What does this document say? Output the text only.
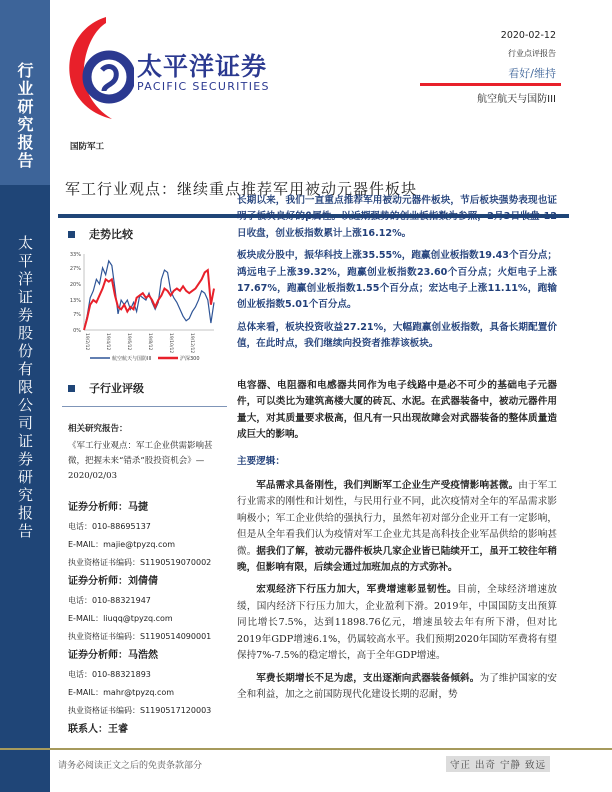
行业研究报告
太平洋证券股份有限公司证券研究报告
太平洋证券
PACIFIC SECURITIES
2020-02-12
行业点评报告
看好/维持
航空航天与国防III
国防军工
军工行业观点：继续重点推荐军用被动元器件板块

长期以来，我们一直重点推荐军用被动元器件板块，节后板块强势表现也证明了板块良好的β属性。以近期强势的创业板指数为参照，2月3日收盘-12日收盘，创业板指数累计上涨16.12%。

板块成分股中，振华科技上涨35.55%，跑赢创业板指数19.43个百分点；鸿远电子上涨39.32%，跑赢创业板指数23.60个百分点；火炬电子上涨17.67%，跑赢创业板指数1.55个百分点；宏达电子上涨11.11%，跑输创业板指数5.01个百分点。

总体来看，板块投资收益27.21%，大幅跑赢创业板指数，具备长期配置价值，在此时点，我们继续向投资者推荐该板块。

电容器、电阻器和电感器共同作为电子线路中是必不可少的基础电子元器件，可以类比为建筑高楼大厦的砖瓦、水泥。在武器装备中，被动元器件用量大，对其质量要求极高，但凡有一只出现故障会对武器装备的整体质量造成巨大的影响。

主要逻辑：

军品需求具备刚性，我们判断军工企业生产受疫情影响甚微。由于军工行业需求的刚性和计划性，与民用行业不同，此次疫情对全年的军品需求影响极小；军工企业供给的强执行力，虽然年初对部分企业开工有一定影响，但是从全年看我们认为疫情对军工企业尤其是高科技企业军品供给的影响甚微。据我们了解，被动元器件板块几家企业皆已陆续开工，虽开工较往年稍晚，但影响有限，后续会通过加班加点的方式弥补。

宏观经济下行压力加大，军费增速彰显韧性。目前，全球经济增速放缓，国内经济下行压力加大，企业盈利下滑。2019年，中国国防支出预算同比增长7.5%，达到11898.76亿元，增速虽较去年有所下滑，但对比2019年GDP增速6.1%，仍属较高水平。我们预期2020年国防军费将有望保持7%-7.5%的稳定增长，高于全年GDP增速。

军费长期增长不足为虑，支出逐渐向武器装备倾斜。为了维护国家的安全和利益，加之之前国防现代化建设长期的忍耐，势

走势比较
33%
27%
20%
13%
7%
0%
19/2/12	19/4/12	19/6/12	19/8/12	19/10/12	19/12/12
航空航天与国防III	沪深300
子行业评级
相关研究报告：
《军工行业观点：军工企业供需影响甚微，把握未来“错杀”股投资机会》—2020/02/03
证券分析师：马捷
电话：010-88695137
E-MAIL：majie@tpyzq.com
执业资格证书编码：S1190519070002
证券分析师：刘倩倩
电话：010-88321947
E-MAIL：liuqq@tpyzq.com
执业资格证书编码：S1190514090001
证券分析师：马浩然
电话：010-88321893
E-MAIL：mahr@tpyzq.com
执业资格证书编码：S1190517120003
联系人：王睿
请务必阅读正文之后的免责条款部分	守正 出奇 宁静 致远
